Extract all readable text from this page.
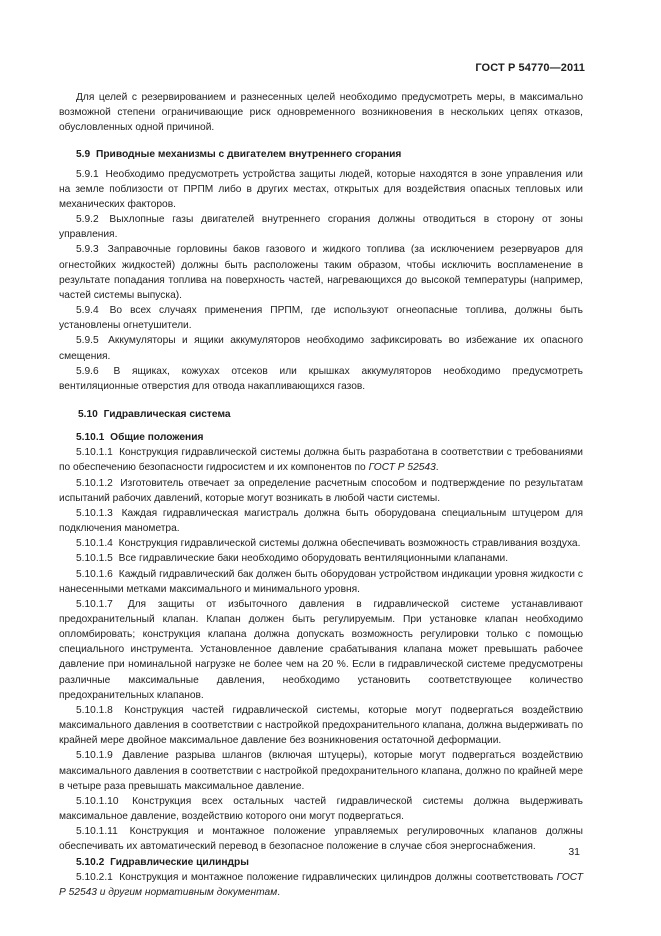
ГОСТ Р 54770—2011

Для целей с резервированием и разнесенных целей необходимо предусмотреть меры, в максимально возможной степени ограничивающие риск одновременного возникновения в нескольких цепях отказов, обусловленных одной причиной.

5.9 Приводные механизмы с двигателем внутреннего сгорания

5.9.1 Необходимо предусмотреть устройства защиты людей, которые находятся в зоне управления или на земле поблизости от ПРПМ либо в других местах, открытых для воздействия опасных тепловых или механических факторов.

5.9.2 Выхлопные газы двигателей внутреннего сгорания должны отводиться в сторону от зоны управления.

5.9.3 Заправочные горловины баков газового и жидкого топлива (за исключением резервуаров для огнестойких жидкостей) должны быть расположены таким образом, чтобы исключить воспламенение в результате попадания топлива на поверхность частей, нагревающихся до высокой температуры (например, частей системы выпуска).

5.9.4 Во всех случаях применения ПРПМ, где используют огнеопасные топлива, должны быть установлены огнетушители.

5.9.5 Аккумуляторы и ящики аккумуляторов необходимо зафиксировать во избежание их опасного смещения.

5.9.6 В ящиках, кожухах отсеков или крышках аккумуляторов необходимо предусмотреть вентиляционные отверстия для отвода накапливающихся газов.

5.10 Гидравлическая система

5.10.1 Общие положения

5.10.1.1 Конструкция гидравлической системы должна быть разработана в соответствии с требованиями по обеспечению безопасности гидросистем и их компонентов по ГОСТ Р 52543.

5.10.1.2 Изготовитель отвечает за определение расчетным способом и подтверждение по результатам испытаний рабочих давлений, которые могут возникать в любой части системы.

5.10.1.3 Каждая гидравлическая магистраль должна быть оборудована специальным штуцером для подключения манометра.

5.10.1.4 Конструкция гидравлической системы должна обеспечивать возможность стравливания воздуха.

5.10.1.5 Все гидравлические баки необходимо оборудовать вентиляционными клапанами.

5.10.1.6 Каждый гидравлический бак должен быть оборудован устройством индикации уровня жидкости с нанесенными метками максимального и минимального уровня.

5.10.1.7 Для защиты от избыточного давления в гидравлической системе устанавливают предохранительный клапан. Клапан должен быть регулируемым. При установке клапан необходимо опломбировать; конструкция клапана должна допускать возможность регулировки только с помощью специального инструмента. Установленное давление срабатывания клапана может превышать рабочее давление при номинальной нагрузке не более чем на 20 %. Если в гидравлической системе предусмотрены различные максимальные давления, необходимо установить соответствующее количество предохранительных клапанов.

5.10.1.8 Конструкция частей гидравлической системы, которые могут подвергаться воздействию максимального давления в соответствии с настройкой предохранительного клапана, должна выдерживать по крайней мере двойное максимальное давление без возникновения остаточной деформации.

5.10.1.9 Давление разрыва шлангов (включая штуцеры), которые могут подвергаться воздействию максимального давления в соответствии с настройкой предохранительного клапана, должно по крайней мере в четыре раза превышать максимальное давление.

5.10.1.10 Конструкция всех остальных частей гидравлической системы должна выдерживать максимальное давление, воздействию которого они могут подвергаться.

5.10.1.11 Конструкция и монтажное положение управляемых регулировочных клапанов должны обеспечивать их автоматический перевод в безопасное положение в случае сбоя энергоснабжения.

5.10.2 Гидравлические цилиндры

5.10.2.1 Конструкция и монтажное положение гидравлических цилиндров должны соответствовать ГОСТ Р 52543 и другим нормативным документам.

31
